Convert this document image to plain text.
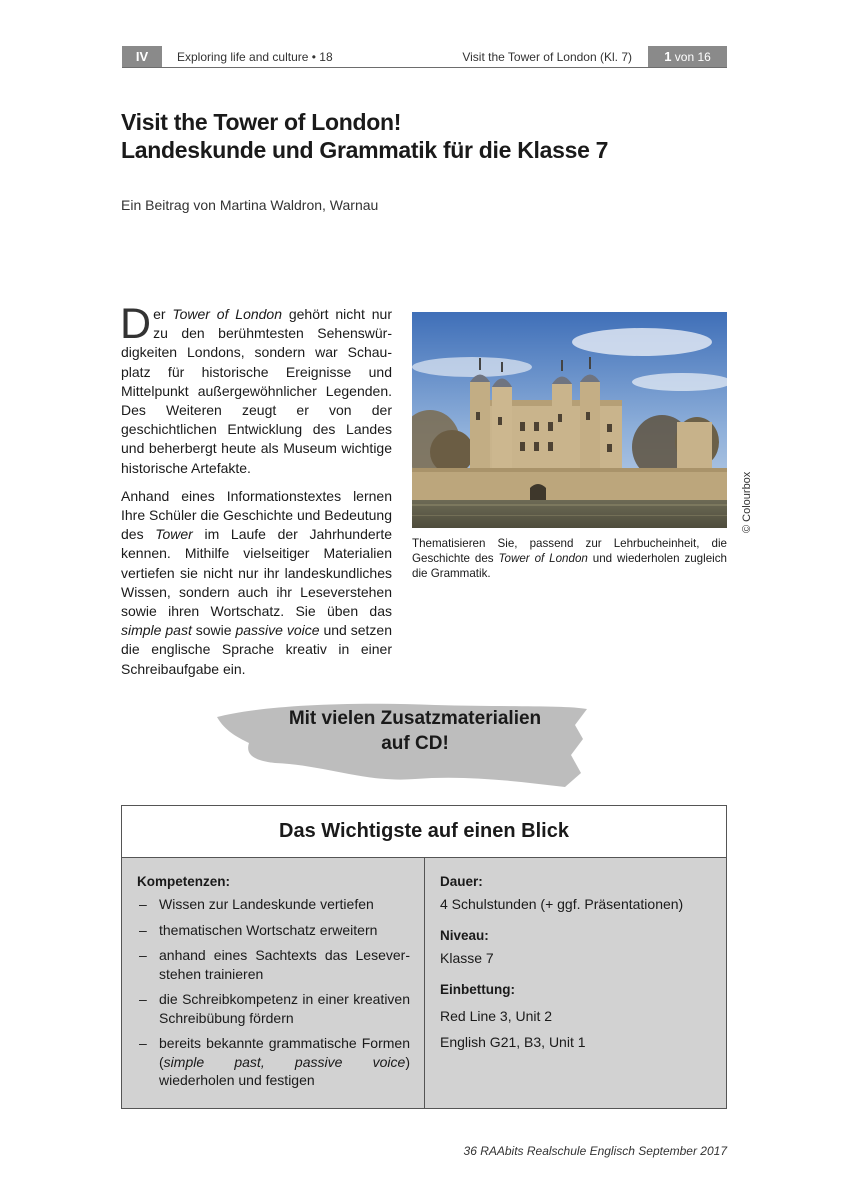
IV	Exploring life and culture • 18	Visit the Tower of London (Kl. 7)	1 von 16
Visit the Tower of London!
Landeskunde und Grammatik für die Klasse 7
Ein Beitrag von Martina Waldron, Warnau

Der Tower of London gehört nicht nur zu den berühmtesten Sehenswürdigkeiten Londons, sondern war Schauplatz für historische Ereignisse und Mittelpunkt außergewöhnlicher Legenden. Des Weiteren zeugt er von der geschichtlichen Entwicklung des Landes und beherbergt heute als Museum wichtige historische Artefakte.

Anhand eines Informationstextes lernen Ihre Schüler die Geschichte und Bedeutung des Tower im Laufe der Jahrhunderte kennen. Mithilfe vielseitiger Materialien vertiefen sie nicht nur ihr landeskundliches Wissen, sondern auch ihr Leseverstehen sowie ihren Wortschatz. Sie üben das simple past sowie passive voice und setzen die englische Sprache kreativ in einer Schreibaufgabe ein.

© Colourbox
Thematisieren Sie, passend zur Lehrbucheinheit, die Geschichte des Tower of London und wiederholen zugleich die Grammatik.
Mit vielen Zusatzmaterialien
auf CD!
Das Wichtigste auf einen Blick
Kompetenzen:
– Wissen zur Landeskunde vertiefen
– thematischen Wortschatz erweitern
– anhand eines Sachtexts das Leseverstehen trainieren
– die Schreibkompetenz in einer kreativen Schreibübung fördern
– bereits bekannte grammatische Formen (simple past, passive voice) wiederholen und festigen
Dauer:
4 Schulstunden (+ ggf. Präsentationen)
Niveau:
Klasse 7
Einbettung:
Red Line 3, Unit 2
English G21, B3, Unit 1
36 RAAbits Realschule Englisch September 2017
